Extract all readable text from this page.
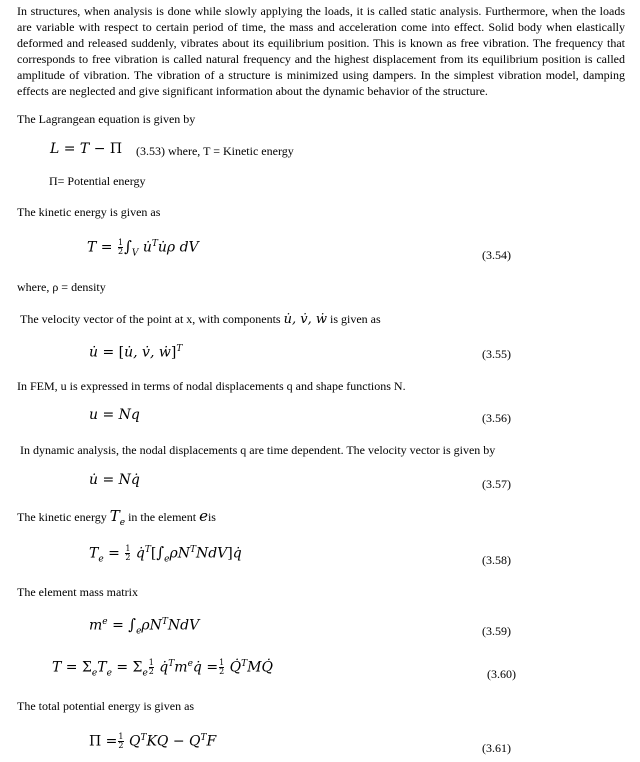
In structures, when analysis is done while slowly applying the loads, it is called static analysis. Furthermore, when the loads are variable with respect to certain period of time, the mass and acceleration come into effect. Solid body when elastically deformed and released suddenly, vibrates about its equilibrium position. This is known as free vibration. The frequency that corresponds to free vibration is called natural frequency and the highest displacement from its equilibrium position is called amplitude of vibration. The vibration of a structure is minimized using dampers. In the simplest vibration model, damping effects are neglected and give significant information about the dynamic behavior of the structure.

The Lagrangean equation is given by
L = T − Π (3.53) where, T = Kinetic energy
Π= Potential energy
The kinetic energy is given as
$T = \frac{1}{2} \int_V$ u̇$^T$u̇ρ dV	(3.54)
where, ρ = density
The velocity vector of the point at x, with components u̇, v̇, ẇ is given as
u̇ = [u̇, v̇, ẇ]$^T$	(3.55)
In FEM, u is expressed in terms of nodal displacements q and shape functions N.
u = Nq	(3.56)
In dynamic analysis, the nodal displacements q are time dependent. The velocity vector is given by
u̇ = Nq̇	(3.57)
The kinetic energy $T_e$ in the element eis
$T_e = \frac{1}{2}$ $q̇^T[\int_e\rho N^TNdV]q̇$	(3.58)
The element mass matrix
$m^e = \int_e\rho N^TNdV$	(3.59)
$T = \Sigma_eT_e = \Sigma_e \frac{1}{2}$ $q̇^Tm^eq̇ = \frac{1}{2}$ Q̇$^T$MQ̇	(3.60)
The total potential energy is given as
$\Pi = \frac{1}{2} Q^TKQ - Q^TF$	(3.61)
